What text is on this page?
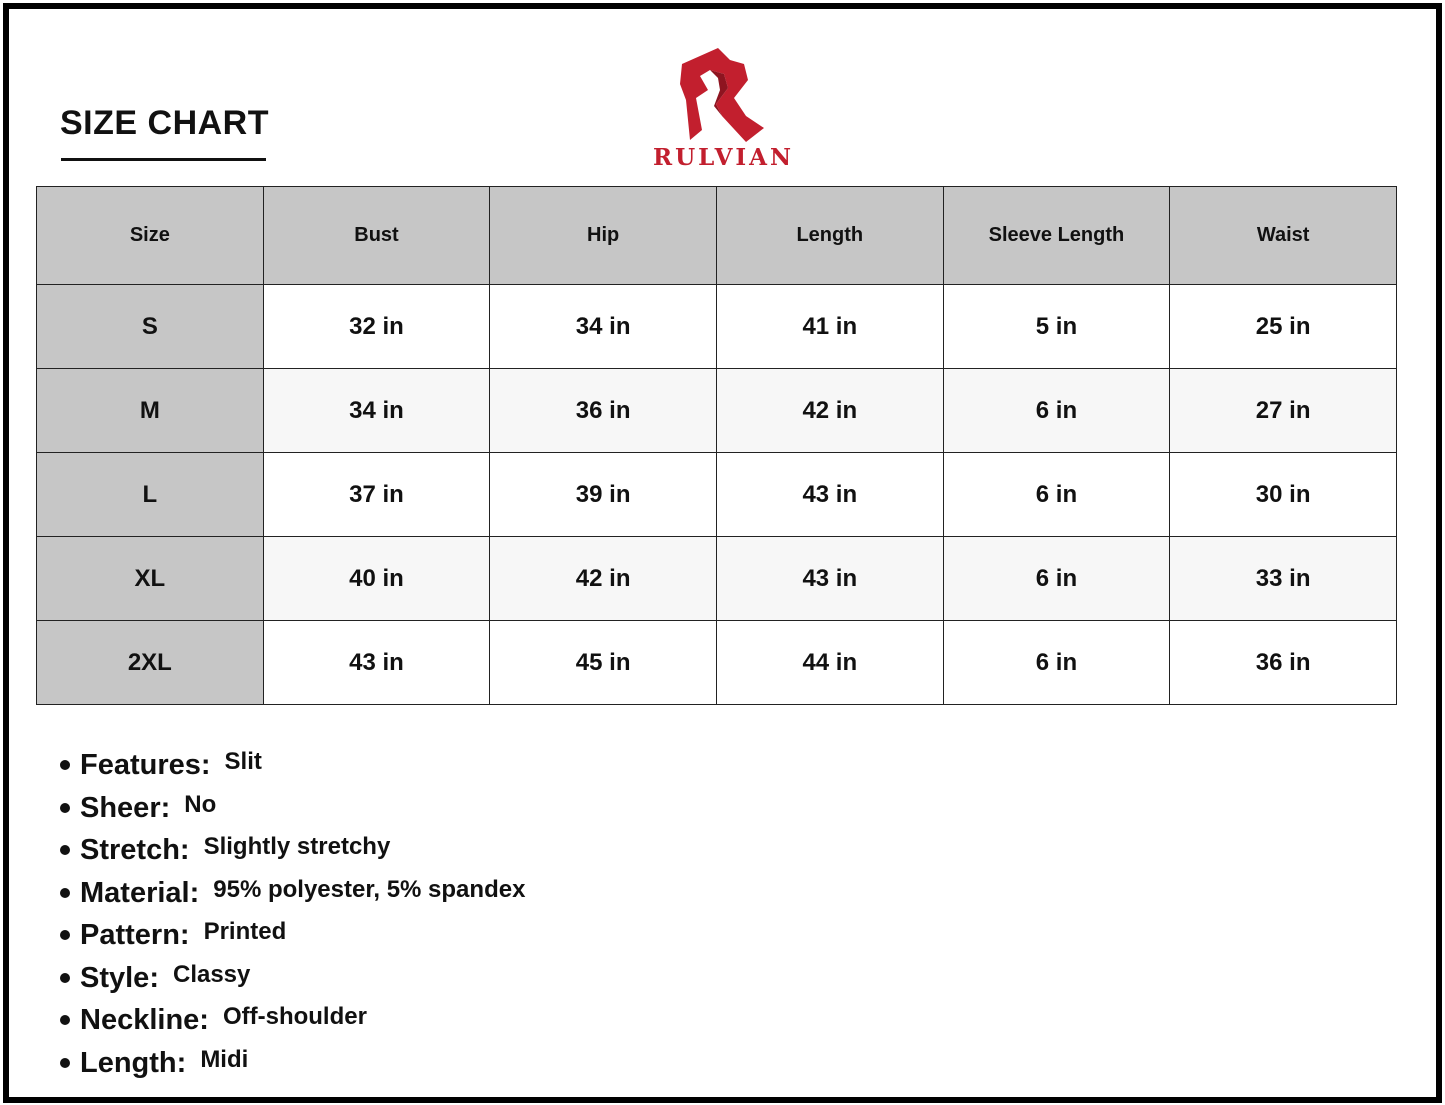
SIZE CHART
RULVIAN
Size	Bust	Hip	Length	Sleeve Length	Waist
S	32 in	34 in	41 in	5 in	25 in
M	34 in	36 in	42 in	6 in	27 in
L	37 in	39 in	43 in	6 in	30 in
XL	40 in	42 in	43 in	6 in	33 in
2XL	43 in	45 in	44 in	6 in	36 in
Features: Slit
Sheer: No
Stretch: Slightly stretchy
Material: 95% polyester, 5% spandex
Pattern: Printed
Style: Classy
Neckline: Off-shoulder
Length: Midi
